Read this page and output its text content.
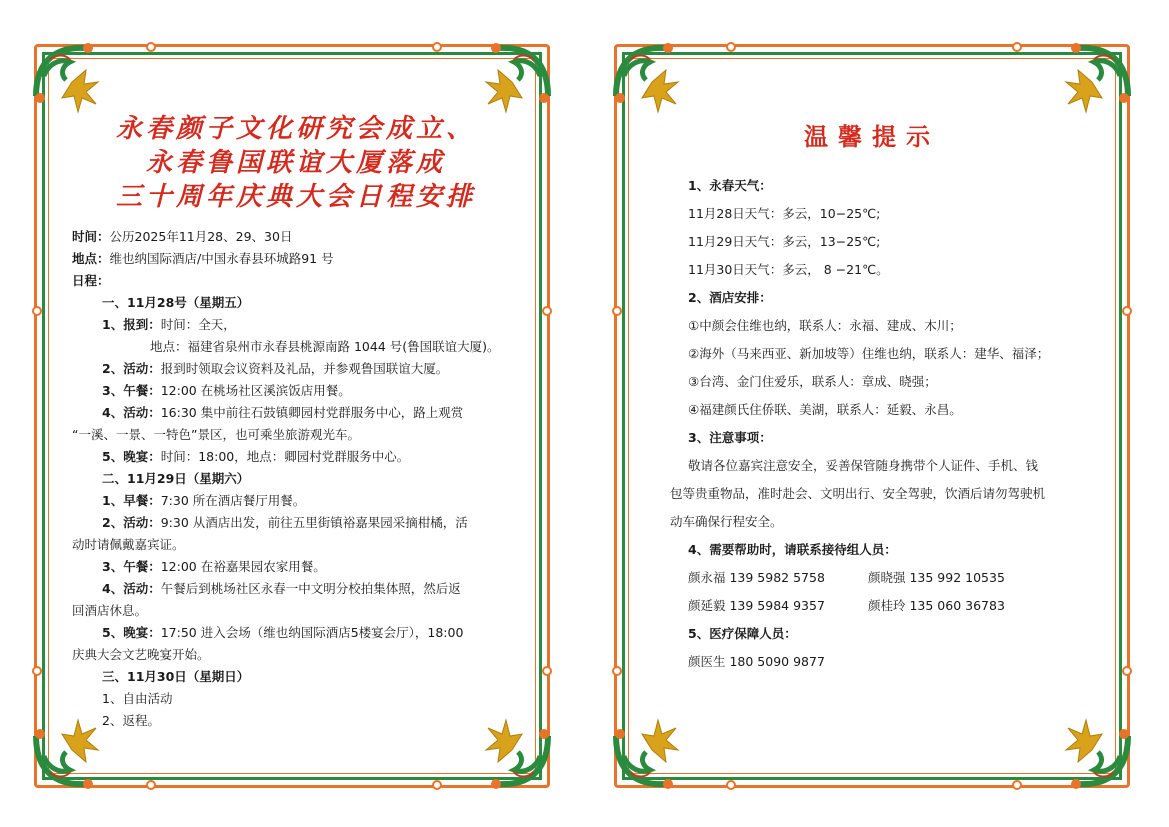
永春颜子文化研究会成立、
永春鲁国联谊大厦落成
三十周年庆典大会日程安排
时间：公历2025年11月28、29、30日
地点：维也纳国际酒店/中国永春县环城路91 号
日程：
一、11月28号（星期五）
1、报到：时间：全天，
地点：福建省泉州市永春县桃源南路 1044 号(鲁国联谊大厦)。
2、活动：报到时领取会议资料及礼品，并参观鲁国联谊大厦。
3、午餐：12:00 在桃场社区溪滨饭店用餐。
4、活动：16:30 集中前往石鼓镇卿园村党群服务中心，路上观赏
“一溪、一景、一特色”景区，也可乘坐旅游观光车。
5、晚宴：时间：18:00，地点：卿园村党群服务中心。
二、11月29日（星期六）
1、早餐：7:30 所在酒店餐厅用餐。
2、活动：9:30 从酒店出发，前往五里街镇裕嘉果园采摘柑橘，活
动时请佩戴嘉宾证。
3、午餐：12:00 在裕嘉果园农家用餐。
4、活动：午餐后到桃场社区永春一中文明分校拍集体照，然后返
回酒店休息。
5、晚宴：17:50 进入会场（维也纳国际酒店5楼宴会厅），18:00
庆典大会文艺晚宴开始。
三、11月30日（星期日）
1、自由活动
2、返程。
温馨提示
1、永春天气：
11月28日天气：多云，10−25℃;
11月29日天气：多云，13−25℃;
11月30日天气：多云， 8 −21℃。
2、酒店安排：
①中颜会住维也纳，联系人：永福、建成、木川；
②海外（马来西亚、新加坡等）住维也纳，联系人：建华、福泽；
③台湾、金门住爱乐，联系人：章成、晓强；
④福建颜氏住侨联、美湖，联系人：延毅、永昌。
3、注意事项：
敬请各位嘉宾注意安全，妥善保管随身携带个人证件、手机、钱
包等贵重物品，准时赴会、文明出行、安全驾驶，饮酒后请勿驾驶机
动车确保行程安全。
4、需要帮助时，请联系接待组人员：
颜永福 139 5982 5758	颜晓强 135 992 10535
颜延毅 139 5984 9357	颜桂玲 135 060 36783
5、医疗保障人员：
颜医生 180 5090 9877
